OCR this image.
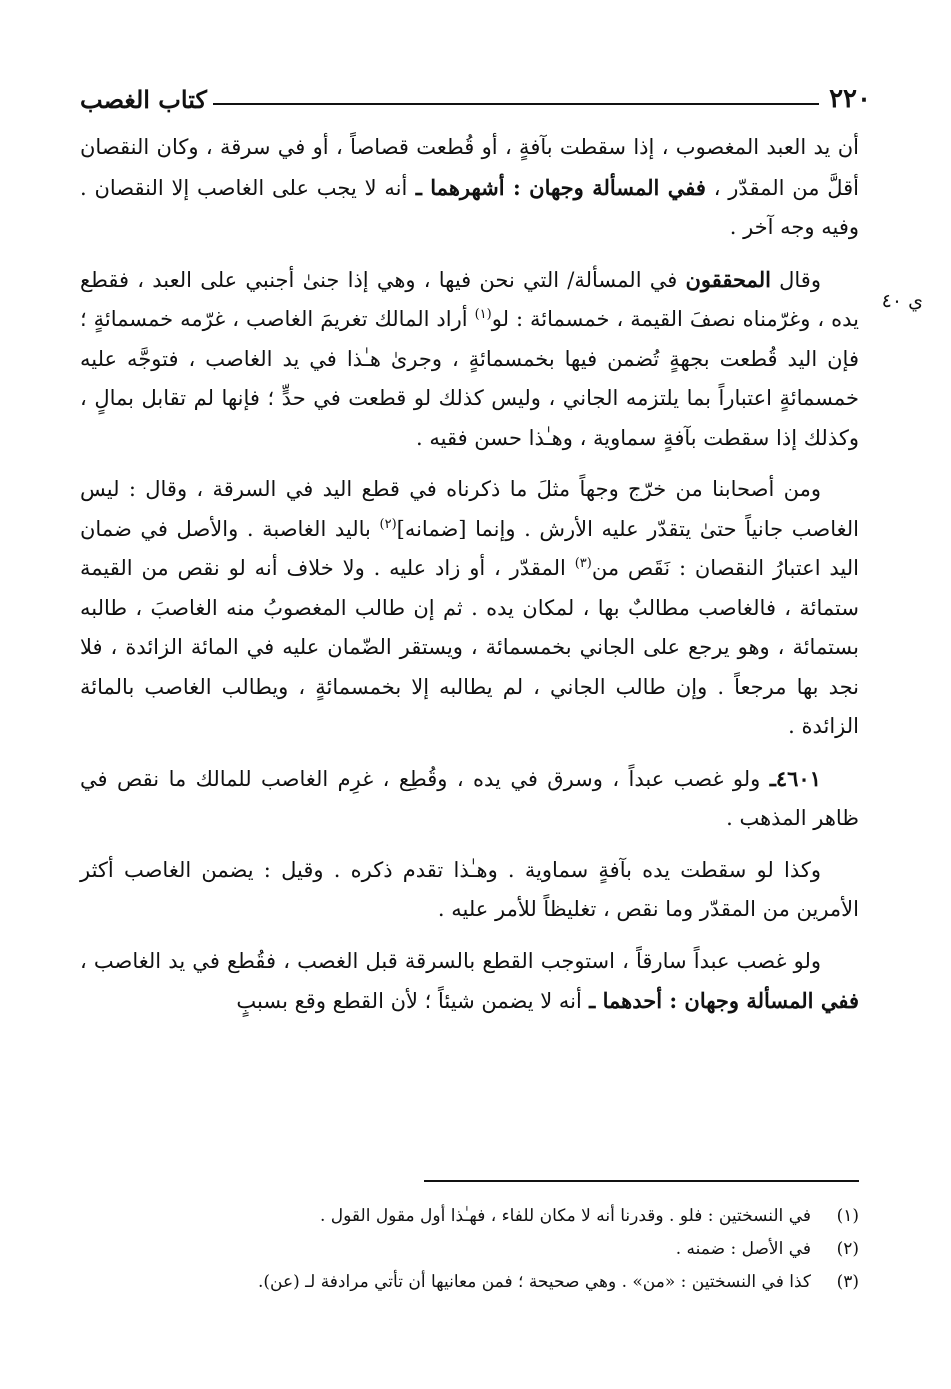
٢٢٠
كتاب الغصب
ي ٤٠

أن يد العبد المغصوب ، إذا سقطت بآفةٍ ، أو قُطعت قصاصاً ، أو في سرقة ، وكان النقصان أقلَّ من المقدّر ، ففي المسألة وجهان : أشهرهما ـ أنه لا يجب على الغاصب إلا النقصان . وفيه وجه آخر .

وقال المحققون في المسألة/ التي نحن فيها ، وهي إذا جنىٰ أجنبي على العبد ، فقطع يده ، وغرّمناه نصفَ القيمة ، خمسمائة : لو$^{(١)}$ أراد المالك تغريمَ الغاصب ، غرّمه خمسمائةٍ ؛ فإن اليد قُطعت بجهةٍ تُضمن فيها بخمسمائةٍ ، وجرىٰ هـٰذا في يد الغاصب ، فتوجَّه عليه خمسمائةٍ اعتباراً بما يلتزمه الجاني ، وليس كذلك لو قطعت في حدٍّ ؛ فإنها لم تقابل بمالٍ ، وكذلك إذا سقطت بآفةٍ سماوية ، وهـٰذا حسن فقيه .

ومن أصحابنا من خرّج وجهاً مثلَ ما ذكرناه في قطع اليد في السرقة ، وقال : ليس الغاصب جانياً حتىٰ يتقدّر عليه الأرش . وإنما [ضمانه]$^{(٢)}$ باليد الغاصبة . والأصل في ضمان اليد اعتبارُ النقصان : نَقَص من$^{(٣)}$ المقدّر ، أو زاد عليه . ولا خلاف أنه لو نقص من القيمة ستمائة ، فالغاصب مطالبٌ بها ، لمكان يده . ثم إن طالب المغصوبُ منه الغاصبَ ، طالبه بستمائة ، وهو يرجع على الجاني بخمسمائة ، ويستقر الضّمان عليه في المائة الزائدة ، فلا نجد بها مرجعاً . وإن طالب الجاني ، لم يطالبه إلا بخمسمائةٍ ، ويطالب الغاصب بالمائة الزائدة .

٤٦٠١ـ ولو غصب عبداً ، وسرق في يده ، وقُطِع ، غرِم الغاصب للمالك ما نقص في ظاهر المذهب .

وكذا لو سقطت يده بآفةٍ سماوية . وهـٰذا تقدم ذكره . وقيل : يضمن الغاصب أكثر الأمرين من المقدّر وما نقص ، تغليظاً للأمر عليه .

ولو غصب عبداً سارقاً ، استوجب القطع بالسرقة قبل الغصب ، فقُطع في يد الغاصب ، ففي المسألة وجهان : أحدهما ـ أنه لا يضمن شيئاً ؛ لأن القطع وقع بسببٍ

(١)
في النسختين : فلو . وقدرنا أنه لا مكان للفاء ، فهـٰذا أول مقول القول .
(٢)
في الأصل : ضمنه .
(٣)
كذا في النسختين : «من» . وهي صحيحة ؛ فمن معانيها أن تأتي مرادفة لـ (عن).
